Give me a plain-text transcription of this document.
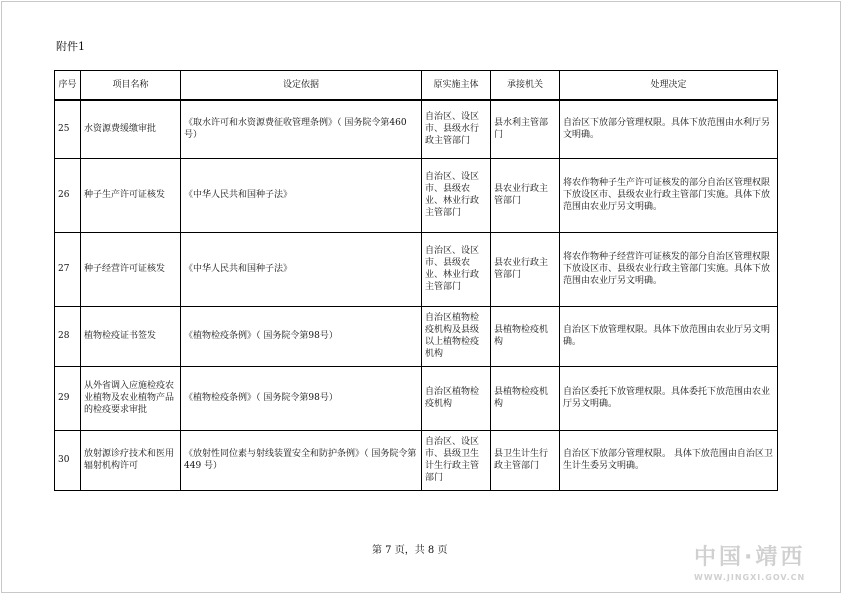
附件1
序号	项目名称	设定依据	原实施主体	承接机关	处理决定
25	水资源费缓缴审批	《取水许可和水资源费征收管理条例》（ 国务院令第460 号）	自治区、设区市、县级水行政主管部门	县水利主管部门	自治区下放部分管理权限。具体下放范围由水利厅另文明确。
26	种子生产许可证核发	《中华人民共和国种子法》	自治区、设区市、县级农业、林业行政主管部门	县农业行政主管部门	将农作物种子生产许可证核发的部分自治区管理权限下放设区市、县级农业行政主管部门实施。具体下放范围由农业厅另文明确。
27	种子经营许可证核发	《中华人民共和国种子法》	自治区、设区市、县级农业、林业行政主管部门	县农业行政主管部门	将农作物种子经营许可证核发的部分自治区管理权限下放设区市、县级农业行政主管部门实施。具体下放范围由农业厅另文明确。
28	植物检疫证书签发	《植物检疫条例》（ 国务院令第98号）	自治区植物检疫机构及县级以上植物检疫机构	县植物检疫机构	自治区下放管理权限。具体下放范围由农业厅另文明确。
29	从外省调入应施检疫农业植物及农业植物产品的检疫要求审批	《植物检疫条例》（ 国务院令第98号）	自治区植物检疫机构	县植物检疫机构	自治区委托下放管理权限。具体委托下放范围由农业厅另文明确。
30	放射源诊疗技术和医用辐射机构许可	《放射性同位素与射线装置安全和防护条例》（ 国务院令第449 号）	自治区、设区市、县级卫生计生行政主管部门	县卫生计生行政主管部门	自治区下放部分管理权限。 具体下放范围由自治区卫生计生委另文明确。
第 7 页，共 8 页	中国·靖西
WWW.JINGXI.GOV.CN
